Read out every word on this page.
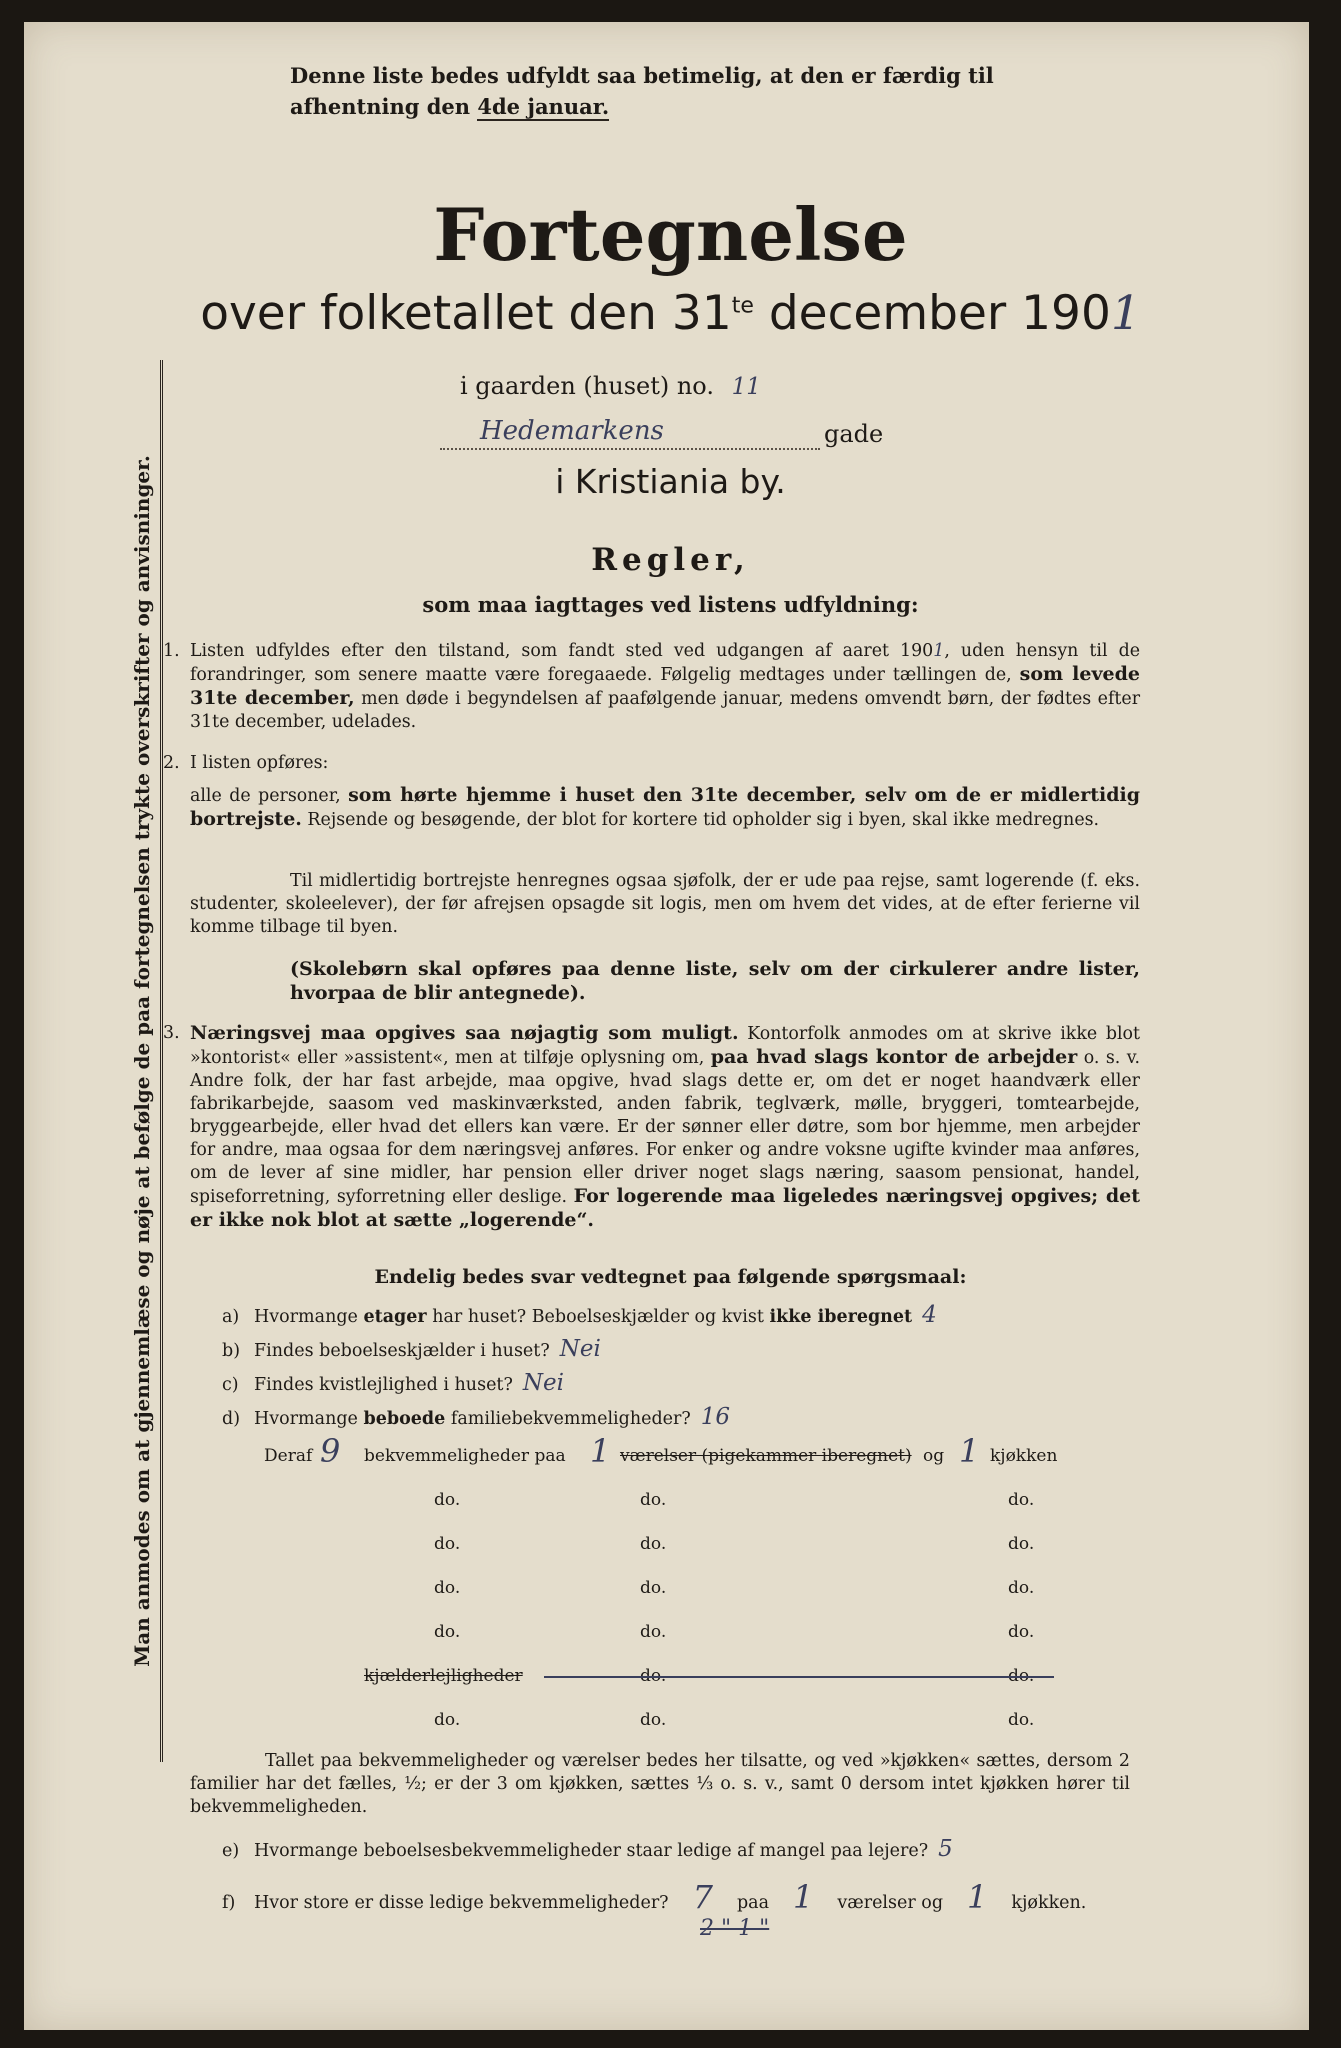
Denne liste bedes udfyldt saa betimelig, at den er færdig til
afhentning den 4de januar.
Fortegnelse
over folketallet den $31^{te}$ december 1901
i gaarden (huset) no. 11
Hedemarkens	gade
i Kristiania by.
Man anmodes om at gjennemlæse og nøje at befølge de paa fortegnelsen trykte overskrifter og anvisninger.	Regler,
som maa iagttages ved listens udfyldning:
1. Listen udfyldes efter den tilstand, som fandt sted ved udgangen af aaret 1901, uden hensyn til de forandringer, som senere maatte være foregaaede. Følgelig medtages under tællingen de, som levede 31te december, men døde i begyndelsen af paafølgende januar, medens omvendt børn, der fødtes efter 31te december, udelades.
2. I listen opføres:
alle de personer, som hørte hjemme i huset den 31te december, selv om de er midlertidig bortrejste. Rejsende og besøgende, der blot for kortere tid opholder sig i byen, skal ikke medregnes.
Til midlertidig bortrejste henregnes ogsaa sjøfolk, der er ude paa rejse, samt logerende (f. eks. studenter, skoleelever), der før afrejsen opsagde sit logis, men om hvem det vides, at de efter ferierne vil komme tilbage til byen.
(Skolebørn skal opføres paa denne liste, selv om der cirkulerer andre lister, hvorpaa de blir antegnede).
3. Næringsvej maa opgives saa nøjagtig som muligt. Kontorfolk anmodes om at skrive ikke blot »kontorist« eller »assistent«, men at tilføje oplysning om, paa hvad slags kontor de arbejder o. s. v. Andre folk, der har fast arbejde, maa opgive, hvad slags dette er, om det er noget haandværk eller fabrikarbejde, saasom ved maskinværksted, anden fabrik, teglværk, mølle, bryggeri, tomtearbejde, bryggearbejde, eller hvad det ellers kan være. Er der sønner eller døtre, som bor hjemme, men arbejder for andre, maa ogsaa for dem næringsvej anføres. For enker og andre voksne ugifte kvinder maa anføres, om de lever af sine midler, har pension eller driver noget slags næring, saasom pensionat, handel, spiseforretning, syforretning eller deslige. For logerende maa ligeledes næringsvej opgives; det er ikke nok blot at sætte „logerende“.
Endelig bedes svar vedtegnet paa følgende spørgsmaal:
a) Hvormange etager har huset? Beboelseskjælder og kvist ikke iberegnet 4
b) Findes beboelseskjælder i huset? Nei
c) Findes kvistlejlighed i huset? Nei
d) Hvormange beboede familiebekvemmeligheder? 16
Deraf 9 bekvemmeligheder paa 1 værelser (pigekammer iberegnet) og 1 kjøkken
do.	do.	do.
do.	do.	do.
do.	do.	do.
do.	do.	do.
kjælderlejligheder	do.	do.
do.	do.	do.
Tallet paa bekvemmeligheder og værelser bedes her tilsatte, og ved »kjøkken« sættes, dersom 2 familier har det fælles, ½; er der 3 om kjøkken, sættes ⅓ o. s. v., samt 0 dersom intet kjøkken hører til bekvemmeligheden.
e) Hvormange beboelsesbekvemmeligheder staar ledige af mangel paa lejere? 5
f) Hvor store er disse ledige bekvemmeligheder? 7 paa 1 værelser og 1 kjøkken.
2 " 1 "
